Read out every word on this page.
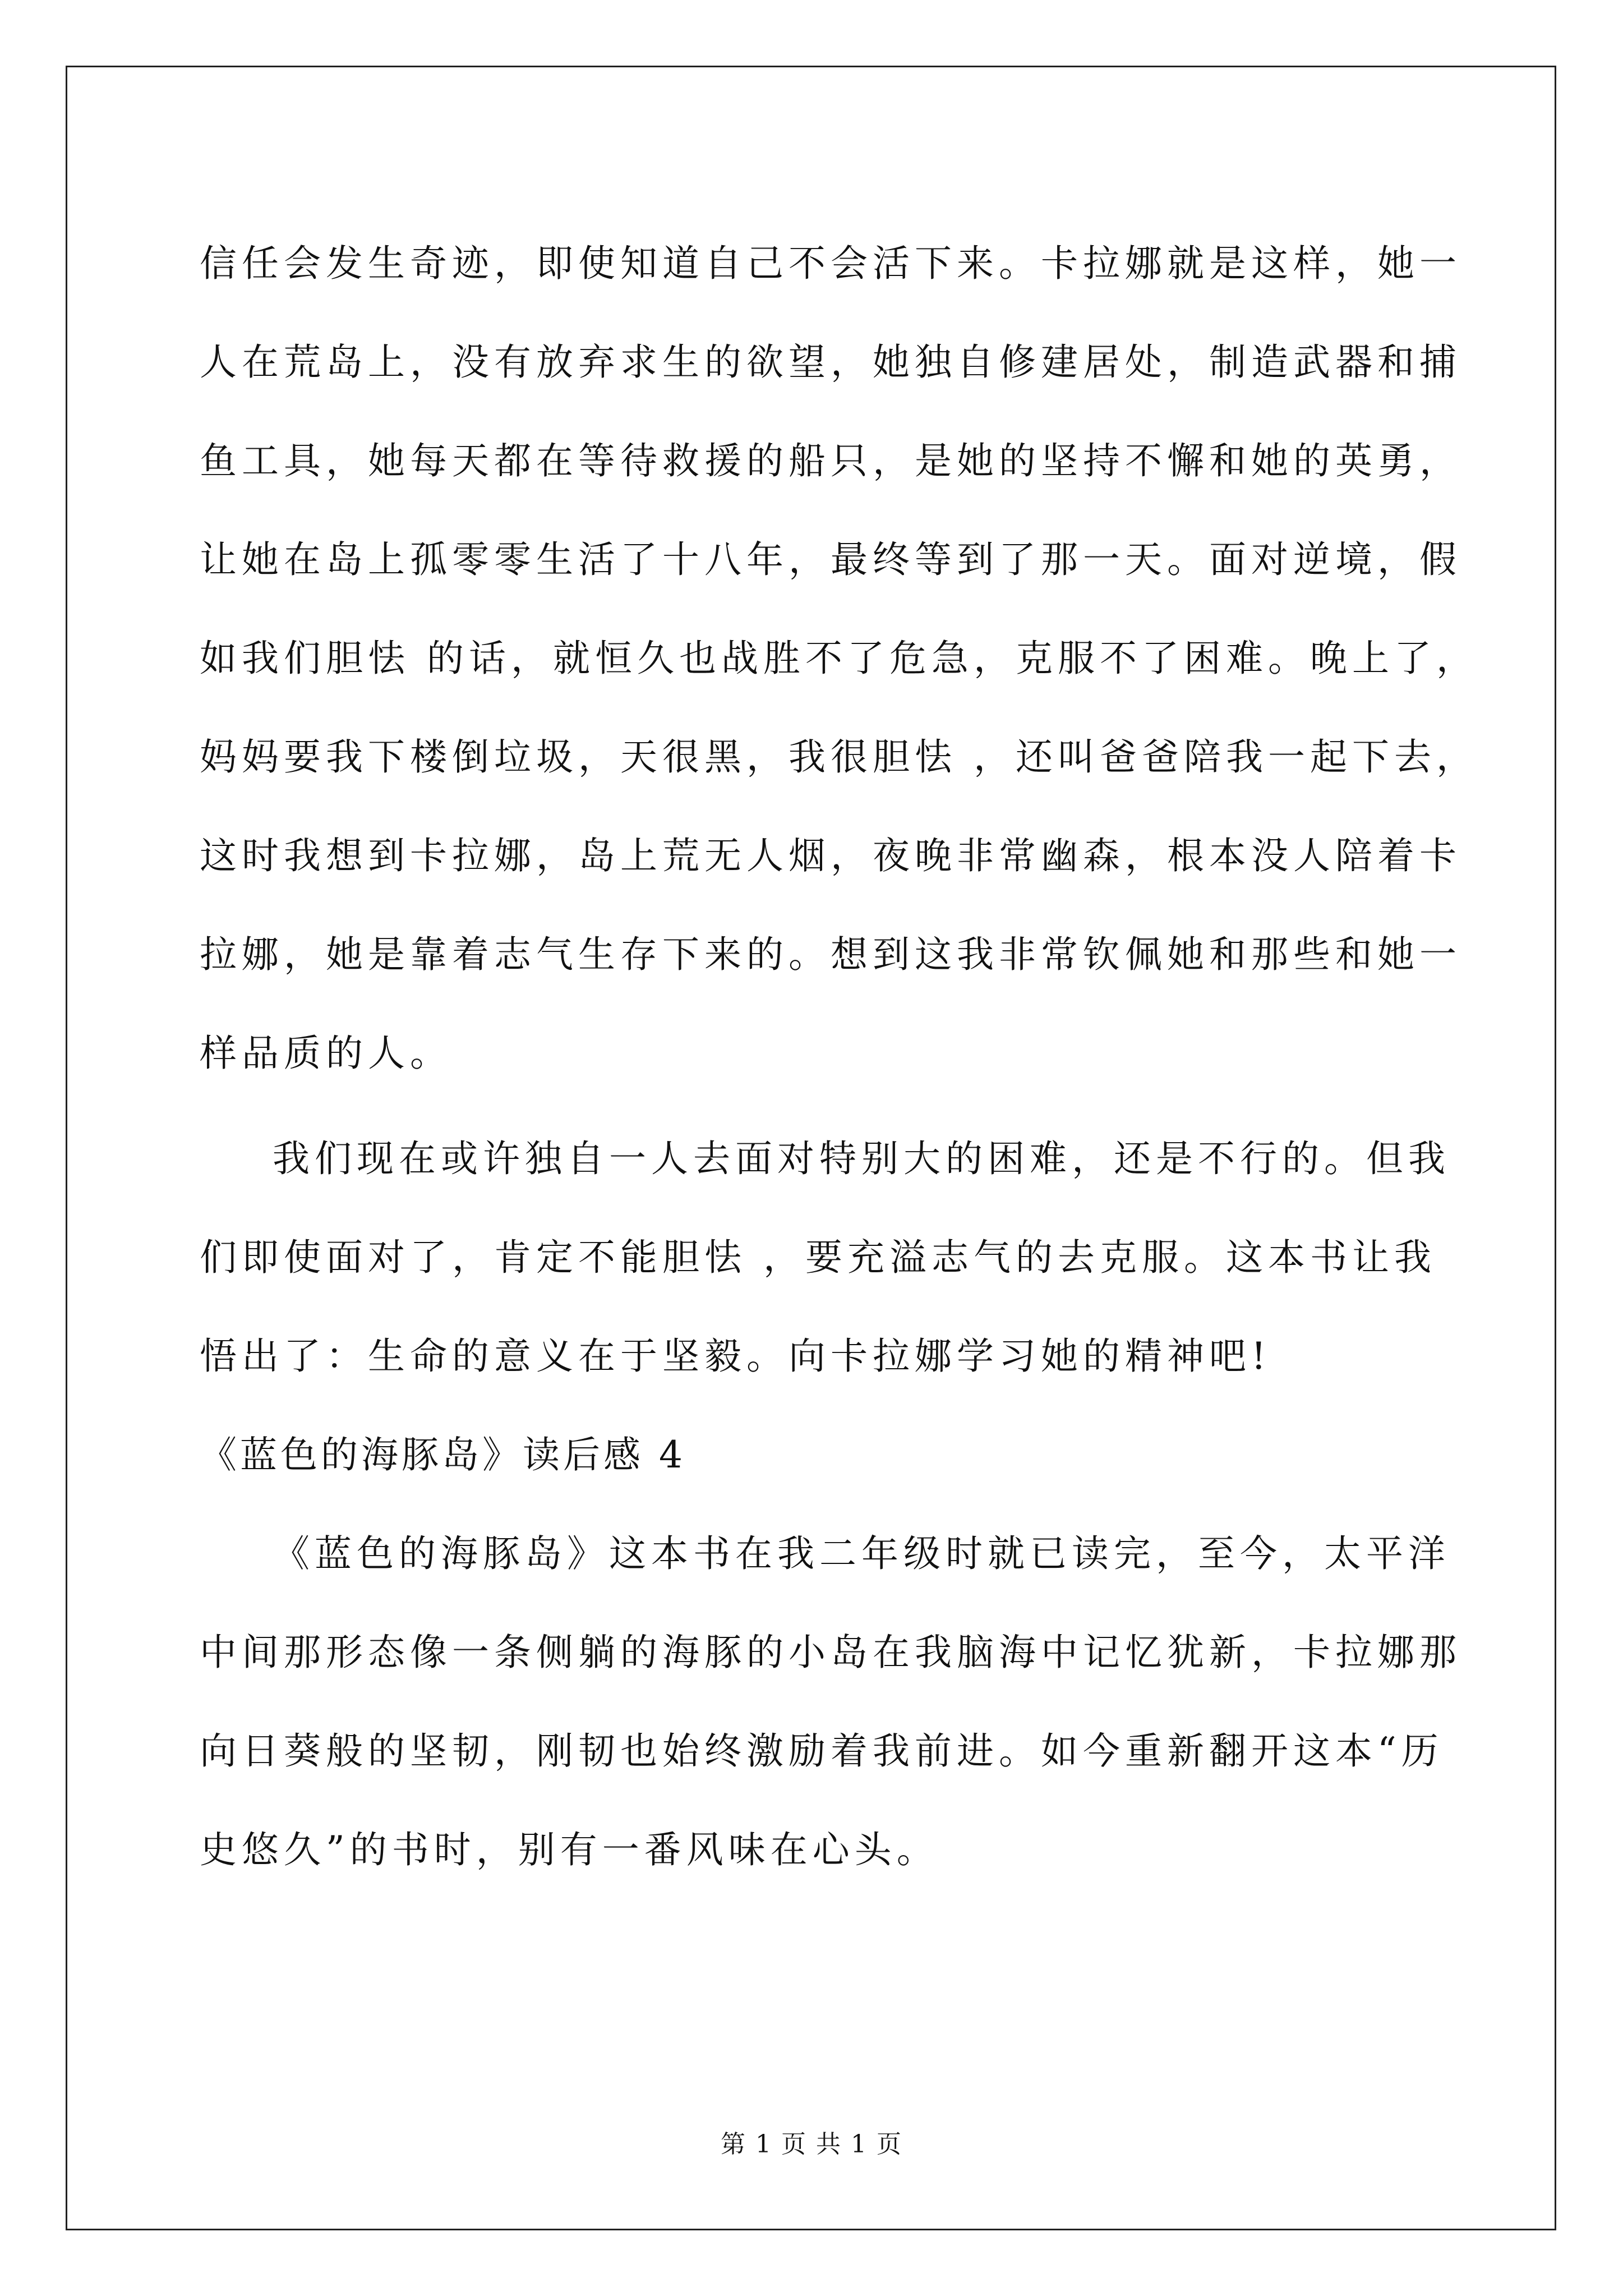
信任会发生奇迹，即使知道自己不会活下来。卡拉娜就是这样，她一
人在荒岛上，没有放弃求生的欲望，她独自修建居处，制造武器和捕
鱼工具，她每天都在等待救援的船只，是她的坚持不懈和她的英勇，
让她在岛上孤零零生活了十八年，最终等到了那一天。面对逆境，假
如我们胆怯 的话，就恒久也战胜不了危急，克服不了困难。晚上了，
妈妈要我下楼倒垃圾，天很黑，我很胆怯 ，还叫爸爸陪我一起下去，
这时我想到卡拉娜，岛上荒无人烟，夜晚非常幽森，根本没人陪着卡
拉娜，她是靠着志气生存下来的。想到这我非常钦佩她和那些和她一
样品质的人。
我们现在或许独自一人去面对特别大的困难，还是不行的。但我
们即使面对了，肯定不能胆怯 ，要充溢志气的去克服。这本书让我
悟出了：生命的意义在于坚毅。向卡拉娜学习她的精神吧!
《蓝色的海豚岛》读后感 4
《蓝色的海豚岛》这本书在我二年级时就已读完，至今，太平洋
中间那形态像一条侧躺的海豚的小岛在我脑海中记忆犹新，卡拉娜那
向日葵般的坚韧，刚韧也始终激励着我前进。如今重新翻开这本“历
史悠久”的书时，别有一番风味在心头。
第 1 页 共 1 页
